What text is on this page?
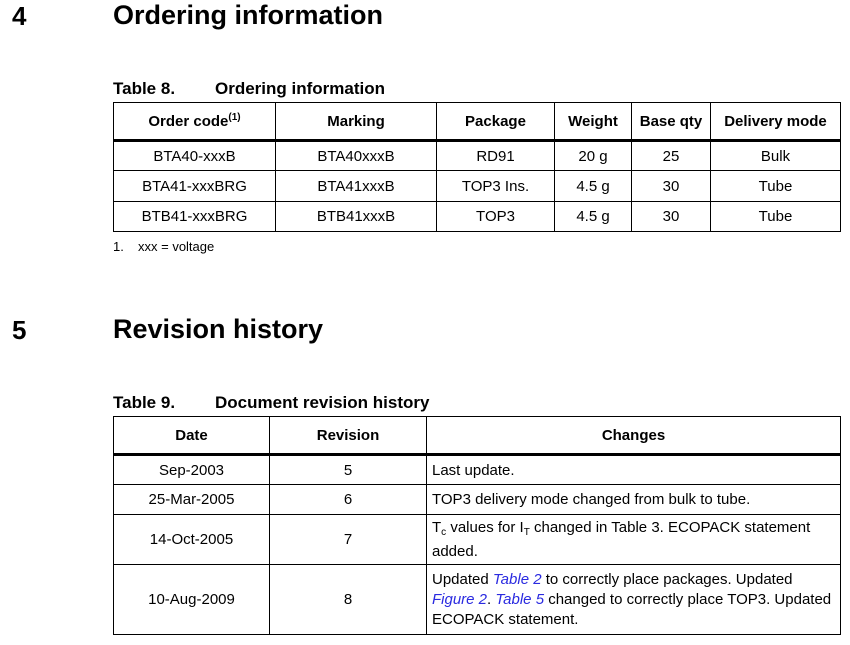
4	Ordering information
Table 8. Ordering information
Order code$^{(1)}$	Marking	Package	Weight	Base qty	Delivery mode
BTA40-xxxB	BTA40xxxB	RD91	20 g	25	Bulk
BTA41-xxxBRG	BTA41xxxB	TOP3 Ins.	4.5 g	30	Tube
BTB41-xxxBRG	BTB41xxxB	TOP3	4.5 g	30	Tube
1. xxx = voltage
5	Revision history
Table 9. Document revision history
Date	Revision	Changes
Sep-2003	5	Last update.
25-Mar-2005	6	TOP3 delivery mode changed from bulk to tube.
14-Oct-2005	7	$T_c$ values for $I_T$ changed in Table 3. ECOPACK statement added.
10-Aug-2009	8	Updated Table 2 to correctly place packages. Updated Figure 2. Table 5 changed to correctly place TOP3. Updated ECOPACK statement.
